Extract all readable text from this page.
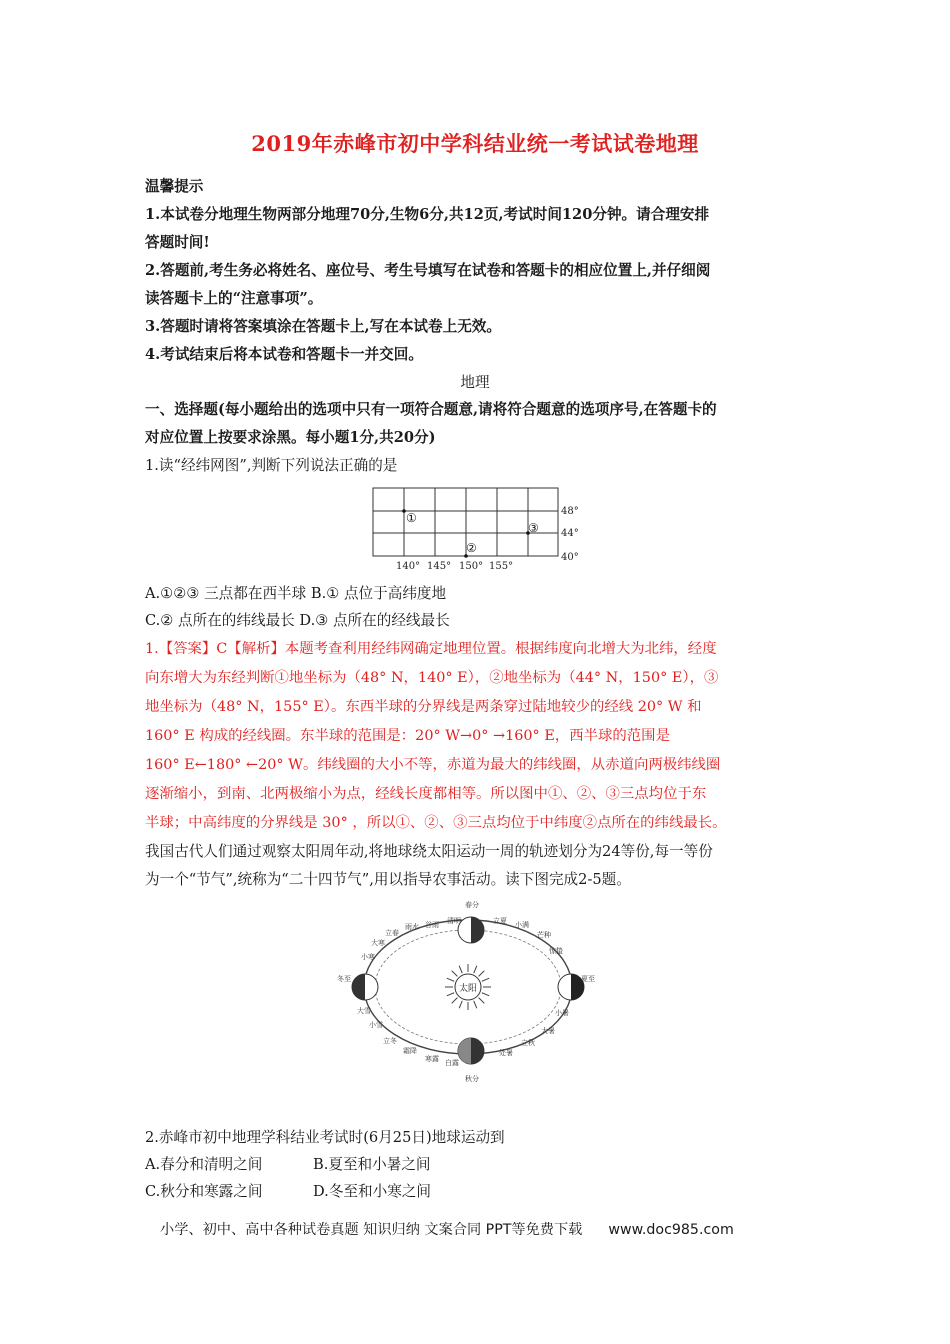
2019年赤峰市初中学科结业统一考试试卷地理
温馨提示
1.本试卷分地理生物两部分地理70分,生物6分,共12页,考试时间120分钟。请合理安排
答题时间!
2.答题前,考生务必将姓名、座位号、考生号填写在试卷和答题卡的相应位置上,并仔细阅
读答题卡上的“注意事项”。
3.答题时请将答案填涂在答题卡上,写在本试卷上无效。
4.考试结束后将本试卷和答题卡一并交回。
地理
一、选择题(每小题给出的选项中只有一项符合题意,请将符合题意的选项序号,在答题卡的
对应位置上按要求涂黑。每小题1分,共20分)
1.读“经纬网图”,判断下列说法正确的是
140° 145° 150° 155°
48°
44°
40°
①
②
③
A.①②③ 三点都在西半球 B.① 点位于高纬度地
C.② 点所在的纬线最长 D.③ 点所在的经线最长
1.【答案】C【解析】本题考查利用经纬网确定地理位置。根据纬度向北增大为北纬，经度
向东增大为东经判断①地坐标为（48° N，140° E），②地坐标为（44° N，150° E），③
地坐标为（48° N，155° E）。东西半球的分界线是两条穿过陆地较少的经线 20° W 和
160° E 构成的经线圈。东半球的范围是：20° W→0° →160° E，西半球的范围是
160° E←180° ←20° W。纬线圈的大小不等，赤道为最大的纬线圈，从赤道向两极纬线圈
逐渐缩小，到南、北两极缩小为点，经线长度都相等。所以图中①、②、③三点均位于东
半球；中高纬度的分界线是 30° ，所以①、②、③三点均位于中纬度②点所在的纬线最长。
我国古代人们通过观察太阳周年动,将地球绕太阳运动一周的轨迹划分为24等份,每一等份
为一个“节气”,统称为“二十四节气”,用以指导农事活动。读下图完成2-5题。
太阳
春分
夏至
秋分
冬至
清明
谷雨	立夏 小满
芒种
小暑
大暑
立秋
处暑
白露
寒露
霜降
立冬
小雪
大雪
小寒
大寒
立春
雨水
惊蛰
2.赤峰市初中地理学科结业考试时(6月25日)地球运动到
A.春分和清明之间	B.夏至和小暑之间
C.秋分和寒露之间	D.冬至和小寒之间
小学、初中、高中各种试卷真题 知识归纳 文案合同 PPT等免费下载 www.doc985.com
